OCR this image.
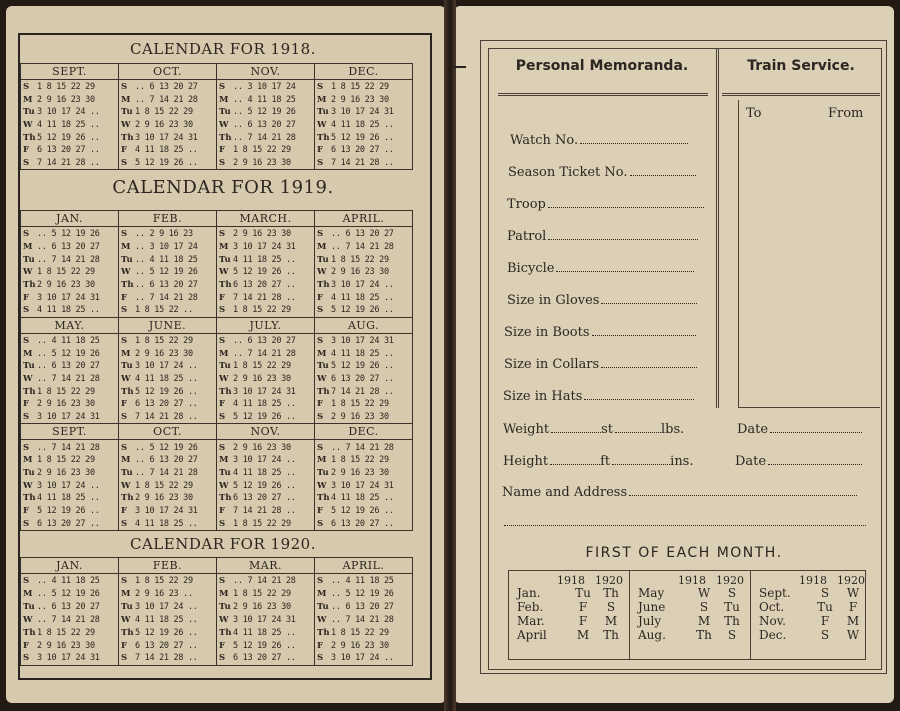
CALENDAR FOR 1918.
SEPT.
S 1 8 15 22 29
M 2 9 16 23 30
Tu 3 10 17 24 ..
W 4 11 18 25 ..
Th 5 12 19 26 ..
F 6 13 20 27 ..
S 7 14 21 28 ..
OCT.
S .. 6 13 20 27
M .. 7 14 21 28
Tu 1 8 15 22 29
W 2 9 16 23 30
Th 3 10 17 24 31
F 4 11 18 25 ..
S 5 12 19 26 ..
NOV.
S .. 3 10 17 24
M .. 4 11 18 25
Tu .. 5 12 19 26
W .. 6 13 20 27
Th .. 7 14 21 28
F 1 8 15 22 29
S 2 9 16 23 30
DEC.
S 1 8 15 22 29
M 2 9 16 23 30
Tu 3 10 17 24 31
W 4 11 18 25 ..
Th 5 12 19 26 ..
F 6 13 20 27 ..
S 7 14 21 28 ..
CALENDAR FOR 1919.
JAN.
S .. 5 12 19 26
M .. 6 13 20 27
Tu .. 7 14 21 28
W 1 8 15 22 29
Th 2 9 16 23 30
F 3 10 17 24 31
S 4 11 18 25 ..
FEB.
S .. 2 9 16 23
M .. 3 10 17 24
Tu .. 4 11 18 25
W .. 5 12 19 26
Th .. 6 13 20 27
F .. 7 14 21 28
S 1 8 15 22 ..
MARCH.
S 2 9 16 23 30
M 3 10 17 24 31
Tu 4 11 18 25 ..
W 5 12 19 26 ..
Th 6 13 20 27 ..
F 7 14 21 28 ..
S 1 8 15 22 29
APRIL.
S .. 6 13 20 27
M .. 7 14 21 28
Tu 1 8 15 22 29
W 2 9 16 23 30
Th 3 10 17 24 ..
F 4 11 18 25 ..
S 5 12 19 26 ..
MAY.
S .. 4 11 18 25
M .. 5 12 19 26
Tu .. 6 13 20 27
W .. 7 14 21 28
Th 1 8 15 22 29
F 2 9 16 23 30
S 3 10 17 24 31
JUNE.
S 1 8 15 22 29
M 2 9 16 23 30
Tu 3 10 17 24 ..
W 4 11 18 25 ..
Th 5 12 19 26 ..
F 6 13 20 27 ..
S 7 14 21 28 ..
JULY.
S .. 6 13 20 27
M .. 7 14 21 28
Tu 1 8 15 22 29
W 2 9 16 23 30
Th 3 10 17 24 31
F 4 11 18 25 ..
S 5 12 19 26 ..
AUG.
S 3 10 17 24 31
M 4 11 18 25 ..
Tu 5 12 19 26 ..
W 6 13 20 27 ..
Th 7 14 21 28 ..
F 1 8 15 22 29
S 2 9 16 23 30
SEPT.
S .. 7 14 21 28
M 1 8 15 22 29
Tu 2 9 16 23 30
W 3 10 17 24 ..
Th 4 11 18 25 ..
F 5 12 19 26 ..
S 6 13 20 27 ..
OCT.
S .. 5 12 19 26
M .. 6 13 20 27
Tu .. 7 14 21 28
W 1 8 15 22 29
Th 2 9 16 23 30
F 3 10 17 24 31
S 4 11 18 25 ..
NOV.
S 2 9 16 23 30
M 3 10 17 24 ..
Tu 4 11 18 25 ..
W 5 12 19 26 ..
Th 6 13 20 27 ..
F 7 14 21 28 ..
S 1 8 15 22 29
DEC.
S .. 7 14 21 28
M 1 8 15 22 29
Tu 2 9 16 23 30
W 3 10 17 24 31
Th 4 11 18 25 ..
F 5 12 19 26 ..
S 6 13 20 27 ..
CALENDAR FOR 1920.
JAN.
S .. 4 11 18 25
M .. 5 12 19 26
Tu .. 6 13 20 27
W .. 7 14 21 28
Th 1 8 15 22 29
F 2 9 16 23 30
S 3 10 17 24 31
FEB.
S 1 8 15 22 29
M 2 9 16 23 ..
Tu 3 10 17 24 ..
W 4 11 18 25 ..
Th 5 12 19 26 ..
F 6 13 20 27 ..
S 7 14 21 28 ..
MAR.
S .. 7 14 21 28
M 1 8 15 22 29
Tu 2 9 16 23 30
W 3 10 17 24 31
Th 4 11 18 25 ..
F 5 12 19 26 ..
S 6 13 20 27 ..
APRIL.
S .. 4 11 18 25
M .. 5 12 19 26
Tu .. 6 13 20 27
W .. 7 14 21 28
Th 1 8 15 22 29
F 2 9 16 23 30
S 3 10 17 24 ..
Personal Memoranda.	Train Service.
To	From
Watch No.
Season Ticket No.
Troop
Patrol
Bicycle
Size in Gloves
Size in Boots
Size in Collars
Size in Hats
Weight	st	lbs.	Date
Height	ft	ins.	Date
Name and Address
FIRST OF EACH MONTH.
1918 1920
Jan.	Tu	Th
Feb.	F	S
Mar.	F	M
April	M	Th
1918 1920
May	W	S
June	S	Tu
July	M	Th
Aug.	Th	S
1918 1920
Sept.	S	W
Oct.	Tu	F
Nov.	F	M
Dec.	S	W
